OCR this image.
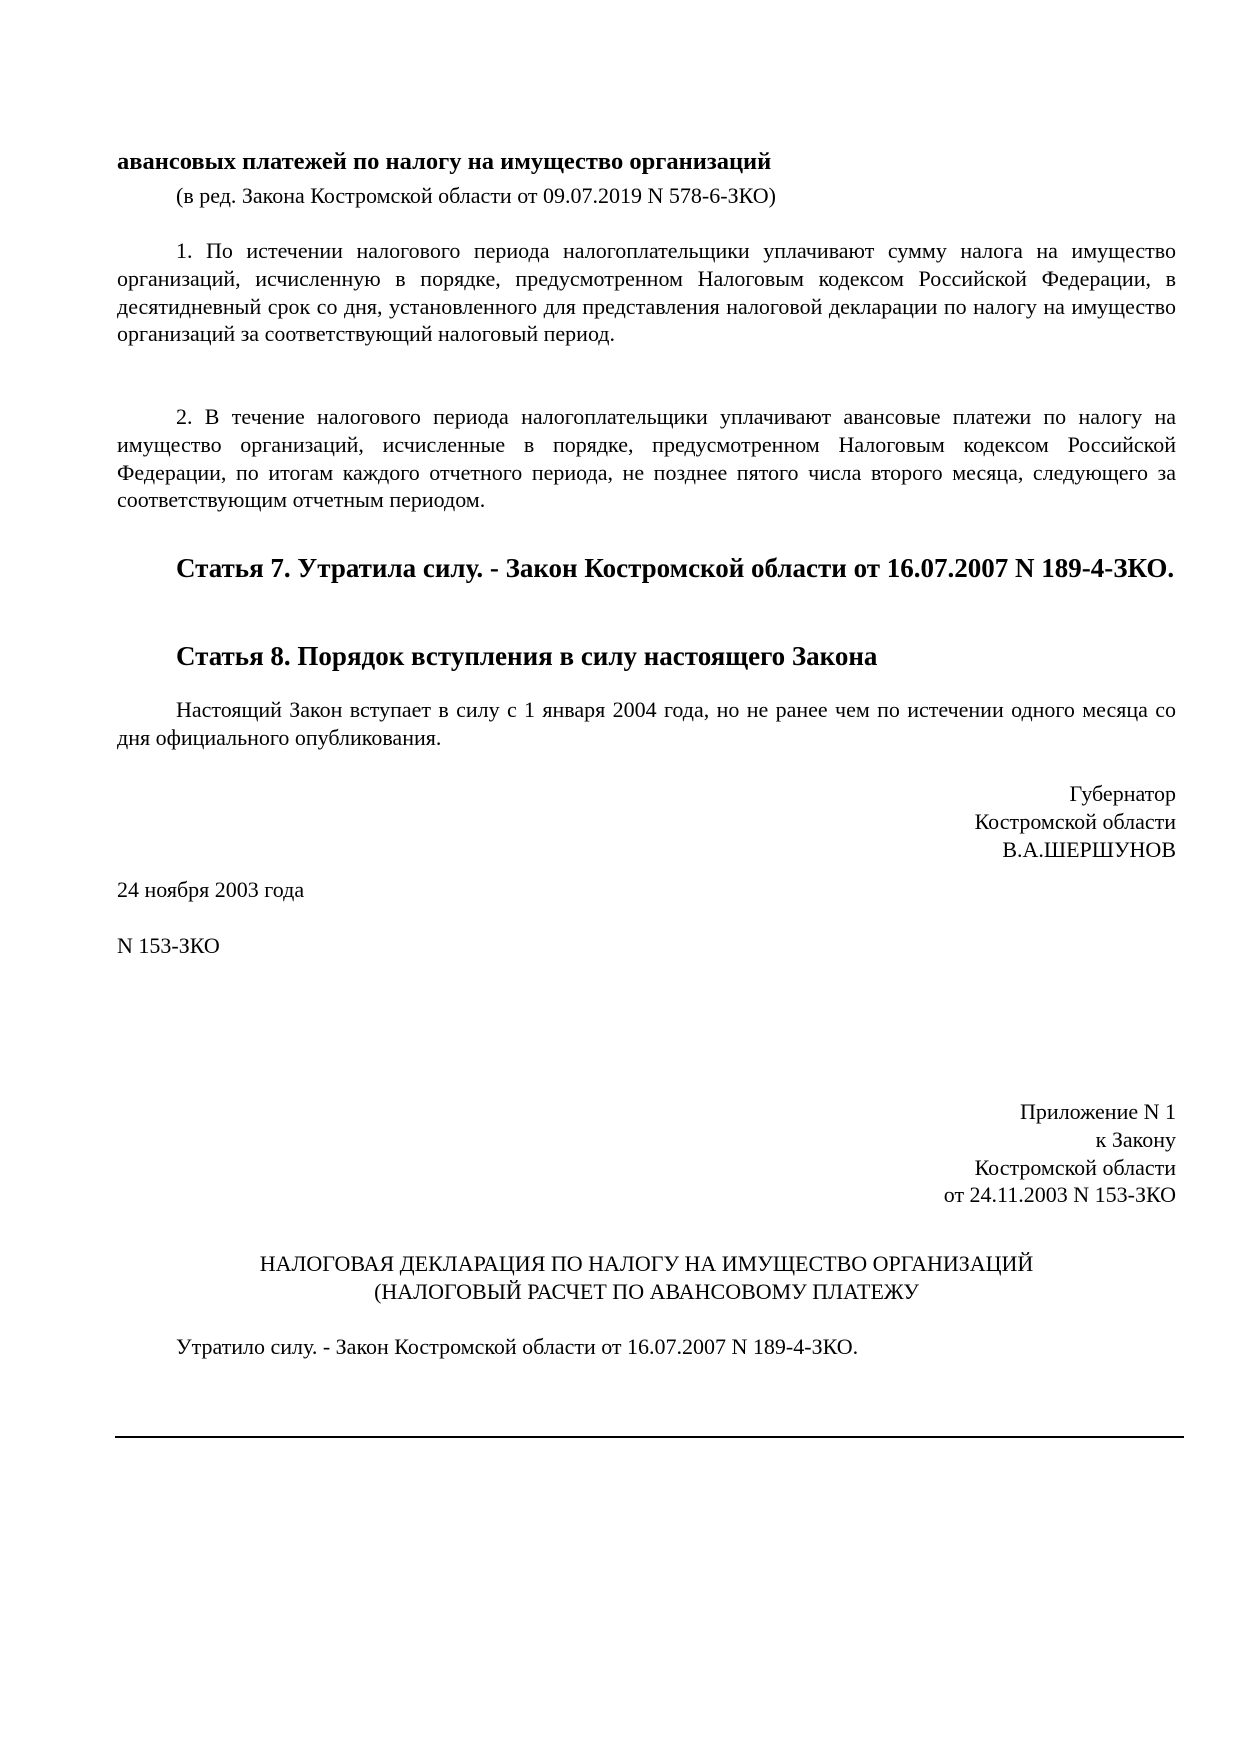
авансовых платежей по налогу на имущество организаций
(в ред. Закона Костромской области от 09.07.2019 N 578-6-ЗКО)
1. По истечении налогового периода налогоплательщики уплачивают сумму налога на имущество организаций, исчисленную в порядке, предусмотренном Налоговым кодексом Российской Федерации, в десятидневный срок со дня, установленного для представления налоговой декларации по налогу на имущество организаций за соответствующий налоговый период.
2. В течение налогового периода налогоплательщики уплачивают авансовые платежи по налогу на имущество организаций, исчисленные в порядке, предусмотренном Налоговым кодексом Российской Федерации, по итогам каждого отчетного периода, не позднее пятого числа второго месяца, следующего за соответствующим отчетным периодом.
Статья 7. Утратила силу. - Закон Костромской области от 16.07.2007 N 189-4-ЗКО.
Статья 8. Порядок вступления в силу настоящего Закона
Настоящий Закон вступает в силу с 1 января 2004 года, но не ранее чем по истечении одного месяца со дня официального опубликования.
Губернатор
Костромской области
В.А.ШЕРШУНОВ
24 ноября 2003 года
N 153-ЗКО
Приложение N 1
к Закону
Костромской области
от 24.11.2003 N 153-ЗКО
НАЛОГОВАЯ ДЕКЛАРАЦИЯ ПО НАЛОГУ НА ИМУЩЕСТВО ОРГАНИЗАЦИЙ
(НАЛОГОВЫЙ РАСЧЕТ ПО АВАНСОВОМУ ПЛАТЕЖУ
Утратило силу. - Закон Костромской области от 16.07.2007 N 189-4-ЗКО.
